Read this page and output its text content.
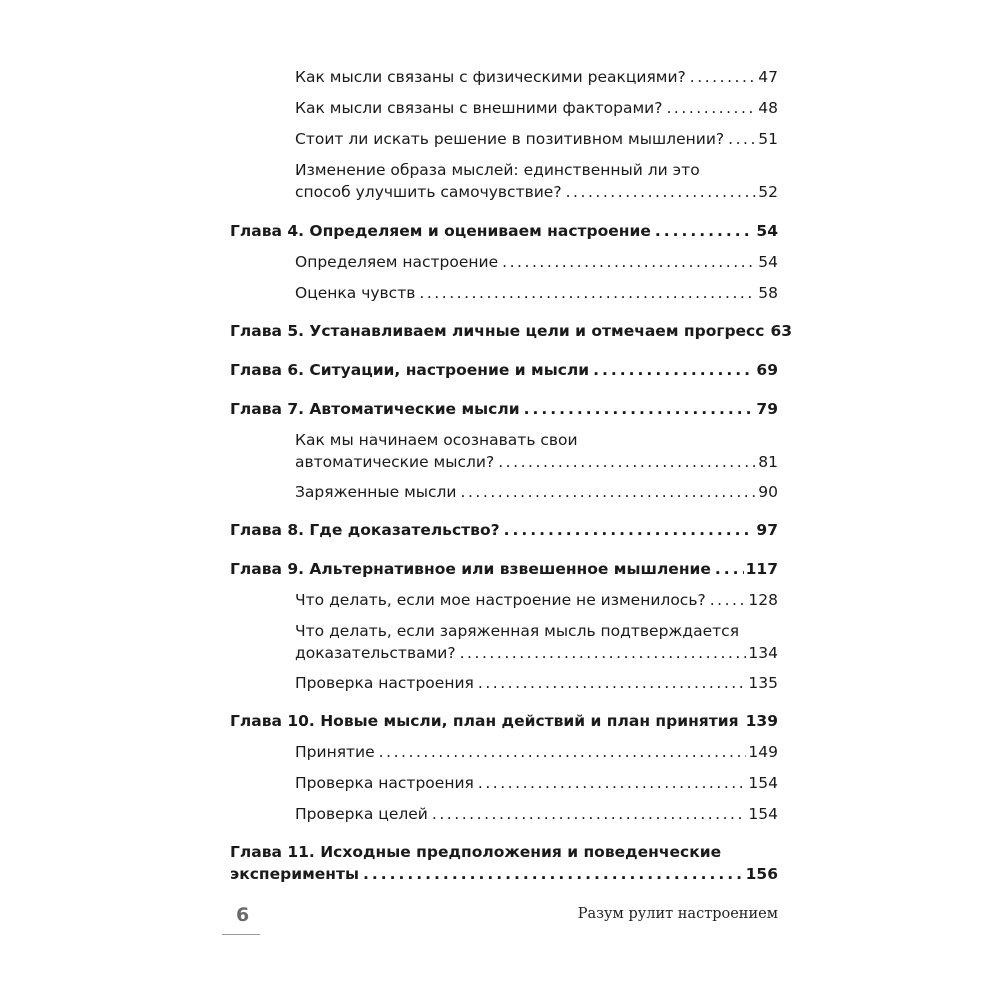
Как мысли связаны с физическими реакциями? . . .	47
Как мысли связаны с внешними факторами? . . .	48
Стоит ли искать решение в позитивном мышлении? . . . 51
Изменение образа мыслей: единственный ли это
способ улучшить самочувствие? . . .	52
Глава 4. Определяем и оцениваем настроение . . .	54
Определяем настроение . . .	54
Оценка чувств . . .	58
Глава 5. Устанавливаем личные цели и отмечаем прогресс 63
Глава 6. Ситуации, настроение и мысли . . .	69
Глава 7. Автоматические мысли . . .	79
Как мы начинаем осознавать свои
автоматические мысли? . . .	81
Заряженные мысли . . .	90
Глава 8. Где доказательство? . . .	97
Глава 9. Альтернативное или взвешенное мышление . . . 117
Что делать, если мое настроение не изменилось? . . .	128
Что делать, если заряженная мысль подтверждается
доказательствами? . . .	134
Проверка настроения . . .	135
Глава 10. Новые мысли, план действий и план принятия . . . 139
Принятие . . .	149
Проверка настроения . . .	154
Проверка целей . . .	154
Глава 11. Исходные предположения и поведенческие
эксперименты . . .	156
6	Разум рулит настроением
